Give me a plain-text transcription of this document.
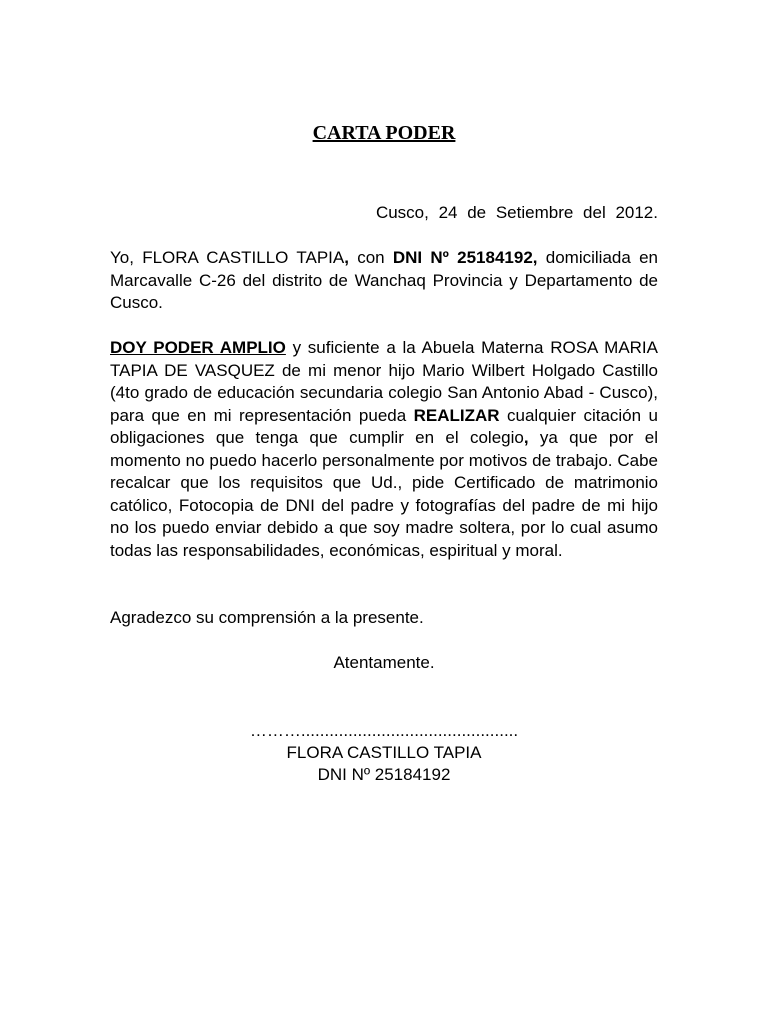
CARTA PODER
Cusco, 24 de Setiembre del 2012.
Yo, FLORA CASTILLO TAPIA, con DNI Nº 25184192, domiciliada en Marcavalle C-26 del distrito de Wanchaq Provincia y Departamento de Cusco.
DOY PODER AMPLIO y suficiente a la Abuela Materna ROSA MARIA TAPIA DE VASQUEZ de mi menor hijo Mario Wilbert Holgado Castillo (4to grado de educación secundaria colegio San Antonio Abad - Cusco), para que en mi representación pueda REALIZAR cualquier citación u obligaciones que tenga que cumplir en el colegio, ya que por el momento no puedo hacerlo personalmente por motivos de trabajo. Cabe recalcar que los requisitos que Ud., pide Certificado de matrimonio católico, Fotocopia de DNI del padre y fotografías del padre de mi hijo no los puedo enviar debido a que soy madre soltera, por lo cual asumo todas las responsabilidades, económicas, espiritual y moral.
Agradezco su comprensión a la presente.
Atentamente.
………..............................................
FLORA CASTILLO TAPIA
DNI Nº 25184192
